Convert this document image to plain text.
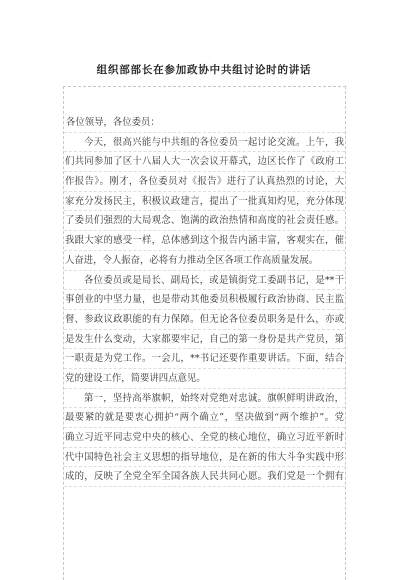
组织部部长在参加政协中共组讨论时的讲话
各位领导，各位委员：
今天，很高兴能与中共组的各位委员一起讨论交流。上午，我
们共同参加了区十八届人大一次会议开幕式，边区长作了《政府工
作报告》。刚才，各位委员对《报告》进行了认真热烈的讨论，大
家充分发扬民主，积极议政建言，提出了一批真知灼见，充分体现
了委员们强烈的大局观念、饱满的政治热情和高度的社会责任感。
我跟大家的感受一样，总体感到这个报告内涵丰富，客观实在，催
人奋进，令人振奋，必将有力推动全区各项工作高质量发展。
各位委员或是局长、副局长，或是镇街党工委副书记，是**干
事创业的中坚力量，也是带动其他委员积极履行政治协商、民主监
督、参政议政职能的有力保障。但无论各位委员职务是什么，亦或
是发生什么变动，大家都要牢记，自己的第一身份是共产党员，第
一职责是为党工作。一会儿，**书记还要作重要讲话。下面，结合
党的建设工作，简要讲四点意见。
第一，坚持高举旗帜，始终对党绝对忠诚。旗帜鲜明讲政治，
最要紧的就是要衷心拥护“两个确立”，坚决做到“两个维护”。党
确立习近平同志党中央的核心、全党的核心地位，确立习近平新时
代中国特色社会主义思想的指导地位，是在新的伟大斗争实践中形
成的，反映了全党全军全国各族人民共同心愿。我们党是一个拥有
